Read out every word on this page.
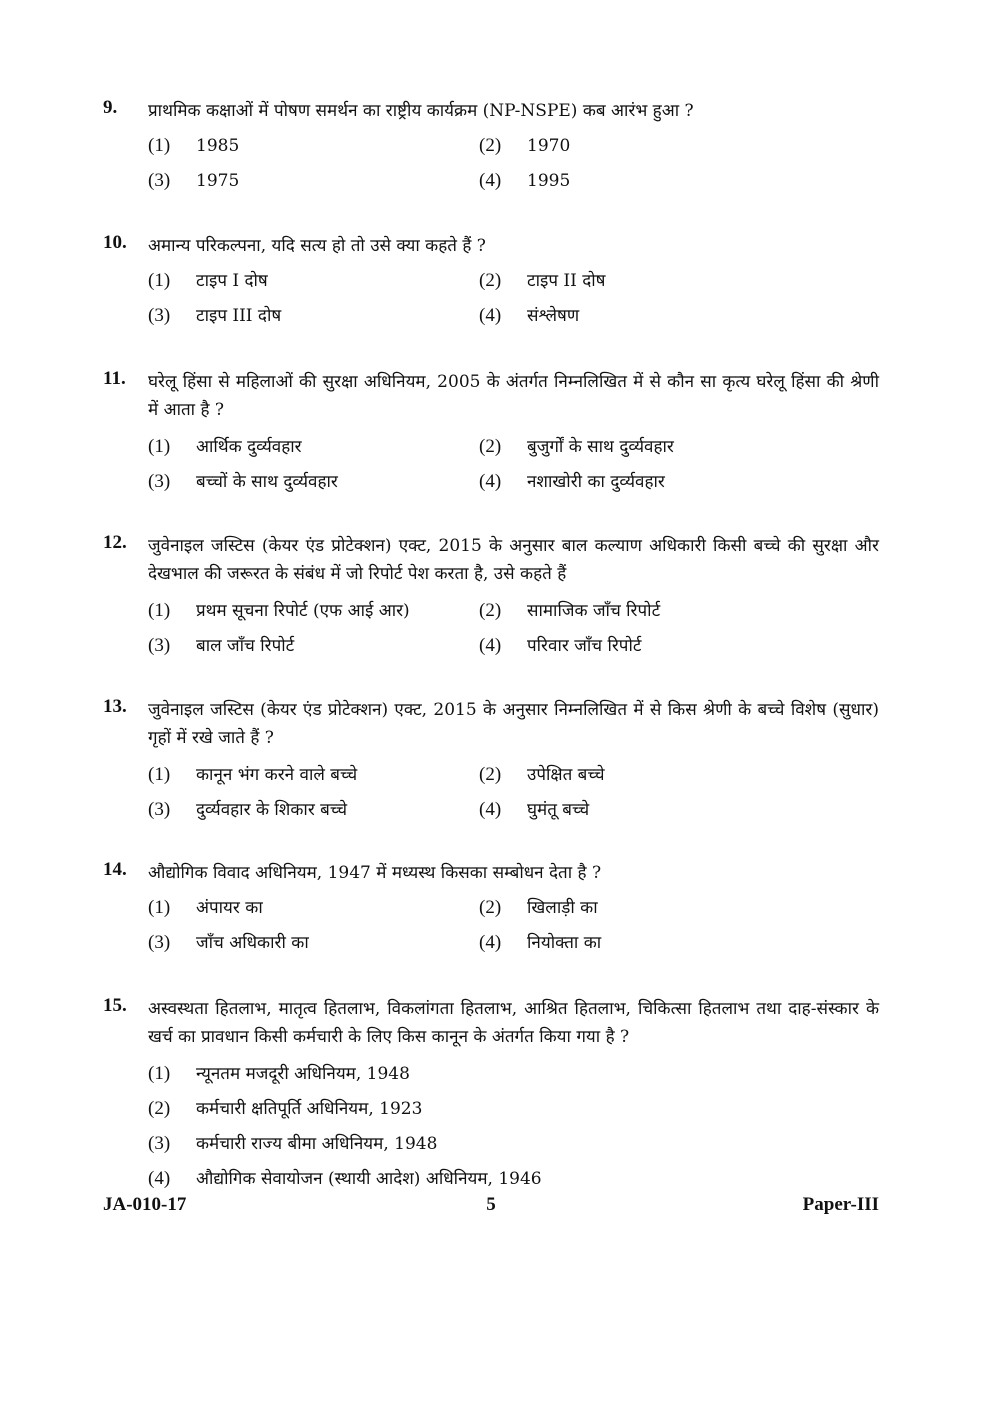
9.	प्राथमिक कक्षाओं में पोषण समर्थन का राष्ट्रीय कार्यक्रम (NP-NSPE) कब आरंभ हुआ ?
(1) 1985	(2) 1970
(3) 1975	(4) 1995
10.	अमान्य परिकल्पना, यदि सत्य हो तो उसे क्या कहते हैं ?
(1) टाइप I दोष	(2) टाइप II दोष
(3) टाइप III दोष	(4) संश्लेषण
11.	घरेलू हिंसा से महिलाओं की सुरक्षा अधिनियम, 2005 के अंतर्गत निम्नलिखित में से कौन सा कृत्य घरेलू हिंसा की श्रेणी में आता है ?
(1) आर्थिक दुर्व्यवहार	(2) बुजुर्गों के साथ दुर्व्यवहार
(3) बच्चों के साथ दुर्व्यवहार	(4) नशाखोरी का दुर्व्यवहार
12.	जुवेनाइल जस्टिस (केयर एंड प्रोटेक्शन) एक्ट, 2015 के अनुसार बाल कल्याण अधिकारी किसी बच्चे की सुरक्षा और देखभाल की जरूरत के संबंध में जो रिपोर्ट पेश करता है, उसे कहते हैं
(1) प्रथम सूचना रिपोर्ट (एफ आई आर)	(2) सामाजिक जाँच रिपोर्ट
(3) बाल जाँच रिपोर्ट	(4) परिवार जाँच रिपोर्ट
13.	जुवेनाइल जस्टिस (केयर एंड प्रोटेक्शन) एक्ट, 2015 के अनुसार निम्नलिखित में से किस श्रेणी के बच्चे विशेष (सुधार) गृहों में रखे जाते हैं ?
(1) कानून भंग करने वाले बच्चे	(2) उपेक्षित बच्चे
(3) दुर्व्यवहार के शिकार बच्चे	(4) घुमंतू बच्चे
14.	औद्योगिक विवाद अधिनियम, 1947 में मध्यस्थ किसका सम्बोधन देता है ?
(1) अंपायर का	(2) खिलाड़ी का
(3) जाँच अधिकारी का	(4) नियोक्ता का
15.	अस्वस्थता हितलाभ, मातृत्व हितलाभ, विकलांगता हितलाभ, आश्रित हितलाभ, चिकित्सा हितलाभ तथा दाह-संस्कार के खर्च का प्रावधान किसी कर्मचारी के लिए किस कानून के अंतर्गत किया गया है ?
(1) न्यूनतम मजदूरी अधिनियम, 1948
(2) कर्मचारी क्षतिपूर्ति अधिनियम, 1923
(3) कर्मचारी राज्य बीमा अधिनियम, 1948
(4) औद्योगिक सेवायोजन (स्थायी आदेश) अधिनियम, 1946
JA-010-17	5	Paper-III
